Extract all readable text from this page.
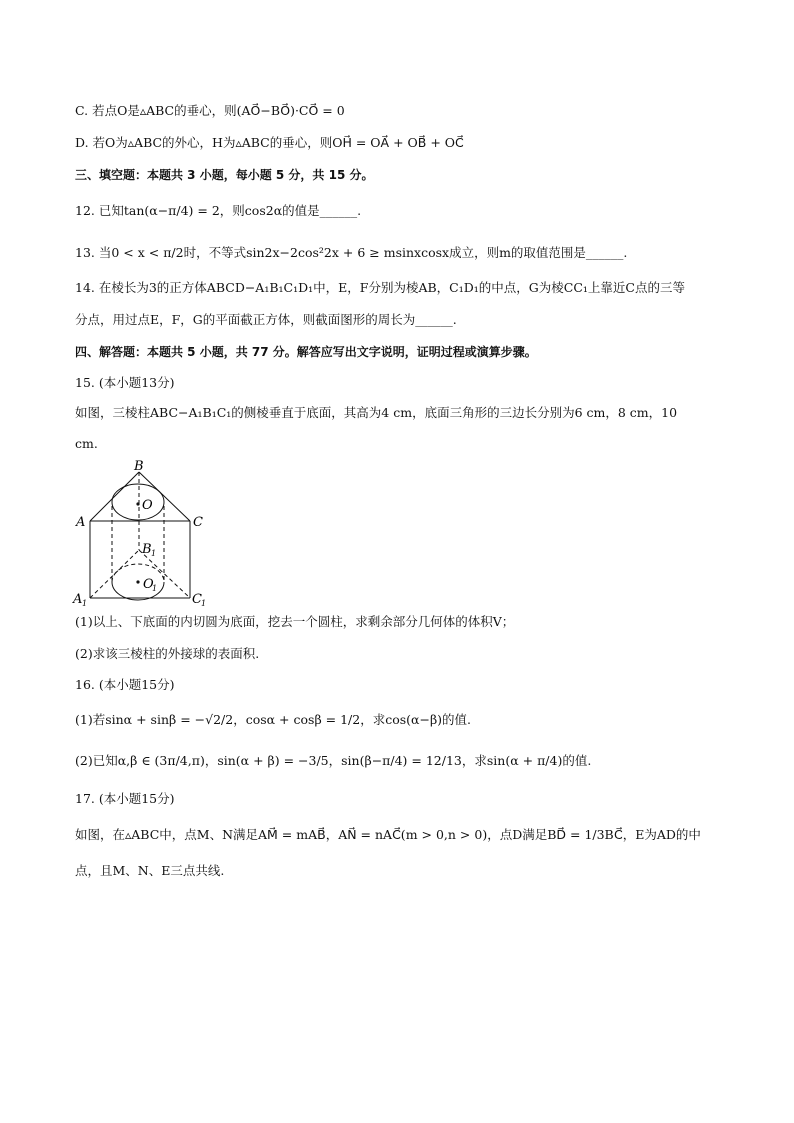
C. 若点O是▵ABC的垂心，则(AO⃗−BO⃗)·CO⃗ = 0
D. 若O为▵ABC的外心，H为▵ABC的垂心，则OH⃗ = OA⃗ + OB⃗ + OC⃗
三、填空题：本题共 3 小题，每小题 5 分，共 15 分。
12. 已知tan(α−π/4) = 2，则cos2α的值是______.
13. 当0 < x < π/2时，不等式sin2x−2cos²2x + 6 ≥ msinxcosx成立，则m的取值范围是______.
14. 在棱长为3的正方体ABCD−A₁B₁C₁D₁中，E，F分别为棱AB，C₁D₁的中点，G为棱CC₁上靠近C点的三等
分点，用过点E，F，G的平面截正方体，则截面图形的周长为______.
四、解答题：本题共 5 小题，共 77 分。解答应写出文字说明，证明过程或演算步骤。
15. (本小题13分)
如图，三棱柱ABC−A₁B₁C₁的侧棱垂直于底面，其高为4 cm，底面三角形的三边长分别为6 cm，8 cm，10
cm.
B
O
A	C
B 1
O
1
A 1	C 1
(1)以上、下底面的内切圆为底面，挖去一个圆柱，求剩余部分几何体的体积V；
(2)求该三棱柱的外接球的表面积.
16. (本小题15分)
(1)若sinα + sinβ = −√2/2，cosα + cosβ = 1/2，求cos(α−β)的值.
(2)已知α,β ∈ (3π/4,π)，sin(α + β) = −3/5，sin(β−π/4) = 12/13，求sin(α + π/4)的值.
17. (本小题15分)
如图，在▵ABC中，点M、N满足AM⃗ = mAB⃗，AN⃗ = nAC⃗(m > 0,n > 0)，点D满足BD⃗ = 1/3BC⃗，E为AD的中
点，且M、N、E三点共线.
